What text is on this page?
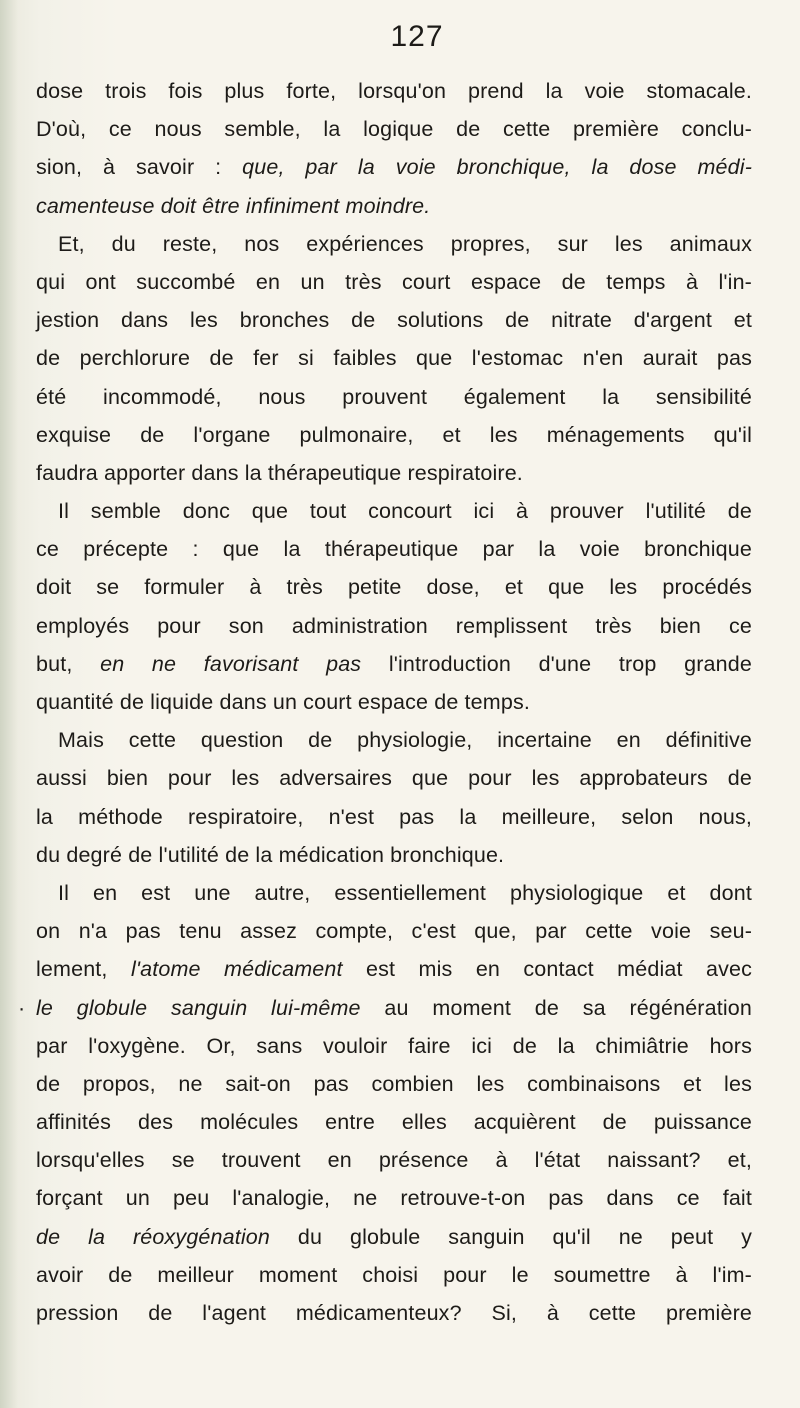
127
dose trois fois plus forte, lorsqu'on prend la voie stomacale.
D'où, ce nous semble, la logique de cette première conclu-
sion, à savoir : que, par la voie bronchique, la dose médi-
camenteuse doit être infiniment moindre.
Et, du reste, nos expériences propres, sur les animaux
qui ont succombé en un très court espace de temps à l'in-
jestion dans les bronches de solutions de nitrate d'argent et
de perchlorure de fer si faibles que l'estomac n'en aurait pas
été incommodé, nous prouvent également la sensibilité
exquise de l'organe pulmonaire, et les ménagements qu'il
faudra apporter dans la thérapeutique respiratoire.
Il semble donc que tout concourt ici à prouver l'utilité de
ce précepte : que la thérapeutique par la voie bronchique
doit se formuler à très petite dose, et que les procédés
employés pour son administration remplissent très bien ce
but, en ne favorisant pas l'introduction d'une trop grande
quantité de liquide dans un court espace de temps.
Mais cette question de physiologie, incertaine en définitive
aussi bien pour les adversaires que pour les approbateurs de
la méthode respiratoire, n'est pas la meilleure, selon nous,
du degré de l'utilité de la médication bronchique.
Il en est une autre, essentiellement physiologique et dont
on n'a pas tenu assez compte, c'est que, par cette voie seu-
lement, l'atome médicament est mis en contact médiat avec
· le globule sanguin lui-même au moment de sa régénération
par l'oxygène. Or, sans vouloir faire ici de la chimiâtrie hors
de propos, ne sait-on pas combien les combinaisons et les
affinités des molécules entre elles acquièrent de puissance
lorsqu'elles se trouvent en présence à l'état naissant? et,
forçant un peu l'analogie, ne retrouve-t-on pas dans ce fait
de la réoxygénation du globule sanguin qu'il ne peut y
avoir de meilleur moment choisi pour le soumettre à l'im-
pression de l'agent médicamenteux? Si, à cette première
